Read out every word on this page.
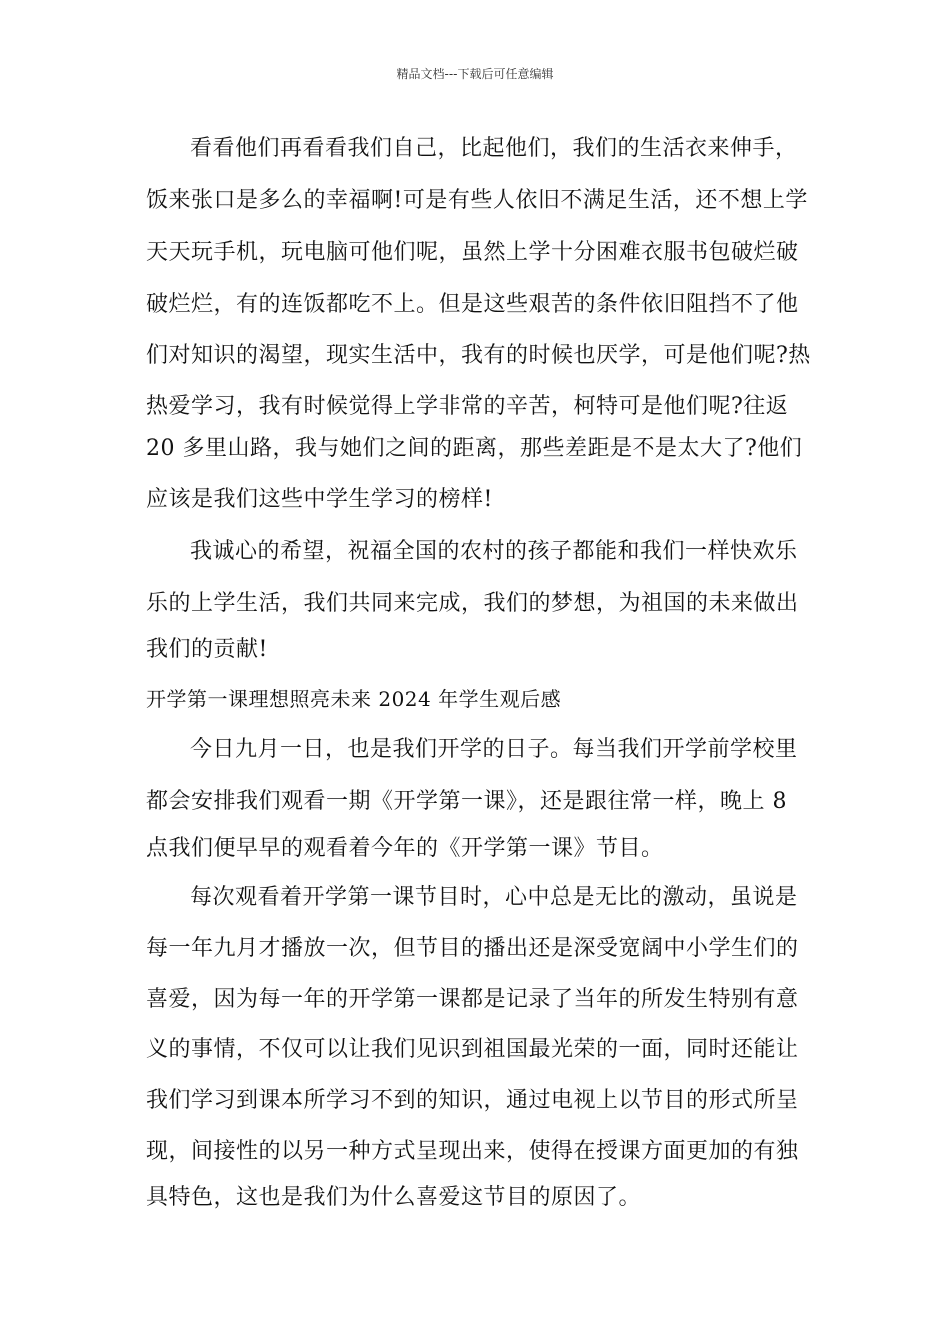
精品文档---下载后可任意编辑
看看他们再看看我们自己，比起他们，我们的生活衣来伸手，
饭来张口是多么的幸福啊!可是有些人依旧不满足生活，还不想上学
天天玩手机，玩电脑可他们呢，虽然上学十分困难衣服书包破烂破
破烂烂，有的连饭都吃不上。但是这些艰苦的条件依旧阻挡不了他
们对知识的渴望，现实生活中，我有的时候也厌学，可是他们呢?热
热爱学习，我有时候觉得上学非常的辛苦，柯特可是他们呢?往返
20 多里山路，我与她们之间的距离，那些差距是不是太大了?他们
应该是我们这些中学生学习的榜样!
我诚心的希望，祝福全国的农村的孩子都能和我们一样快欢乐
乐的上学生活，我们共同来完成，我们的梦想，为祖国的未来做出
我们的贡献!
开学第一课理想照亮未来 2024 年学生观后感
今日九月一日，也是我们开学的日子。每当我们开学前学校里
都会安排我们观看一期《开学第一课》，还是跟往常一样，晚上 8
点我们便早早的观看着今年的《开学第一课》节目。
每次观看着开学第一课节目时，心中总是无比的激动，虽说是
每一年九月才播放一次，但节目的播出还是深受宽阔中小学生们的
喜爱，因为每一年的开学第一课都是记录了当年的所发生特别有意
义的事情，不仅可以让我们见识到祖国最光荣的一面，同时还能让
我们学习到课本所学习不到的知识，通过电视上以节目的形式所呈
现，间接性的以另一种方式呈现出来，使得在授课方面更加的有独
具特色，这也是我们为什么喜爱这节目的原因了。
